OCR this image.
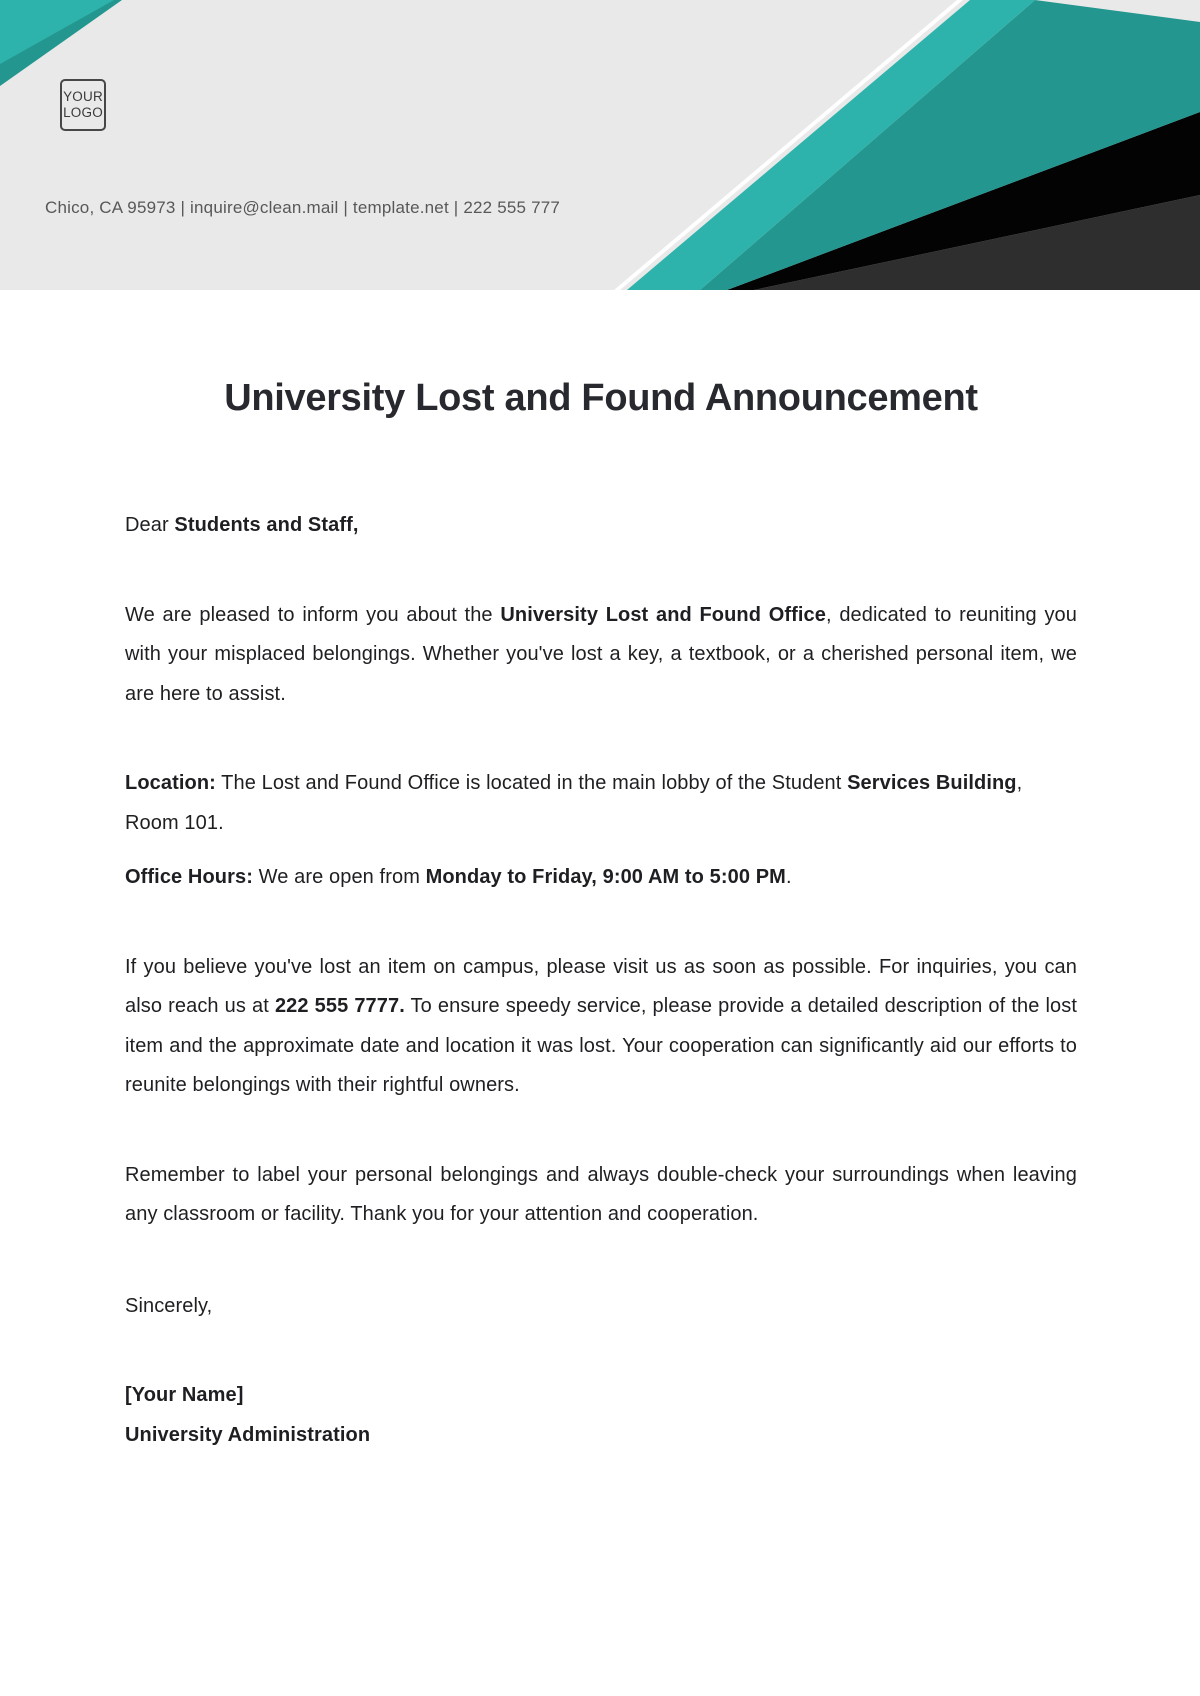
YOUR
LOGO
Chico, CA 95973 | inquire@clean.mail | template.net | 222 555 777
University Lost and Found Announcement

Dear Students and Staff,

We are pleased to inform you about the University Lost and Found Office, dedicated to reuniting you with your misplaced belongings. Whether you've lost a key, a textbook, or a cherished personal item, we are here to assist.

Location: The Lost and Found Office is located in the main lobby of the Student Services Building, Room 101.

Office Hours: We are open from Monday to Friday, 9:00 AM to 5:00 PM.

If you believe you've lost an item on campus, please visit us as soon as possible. For inquiries, you can also reach us at 222 555 7777. To ensure speedy service, please provide a detailed description of the lost item and the approximate date and location it was lost. Your cooperation can significantly aid our efforts to reunite belongings with their rightful owners.

Remember to label your personal belongings and always double-check your surroundings when leaving any classroom or facility. Thank you for your attention and cooperation.

Sincerely,

[Your Name]

University Administration
